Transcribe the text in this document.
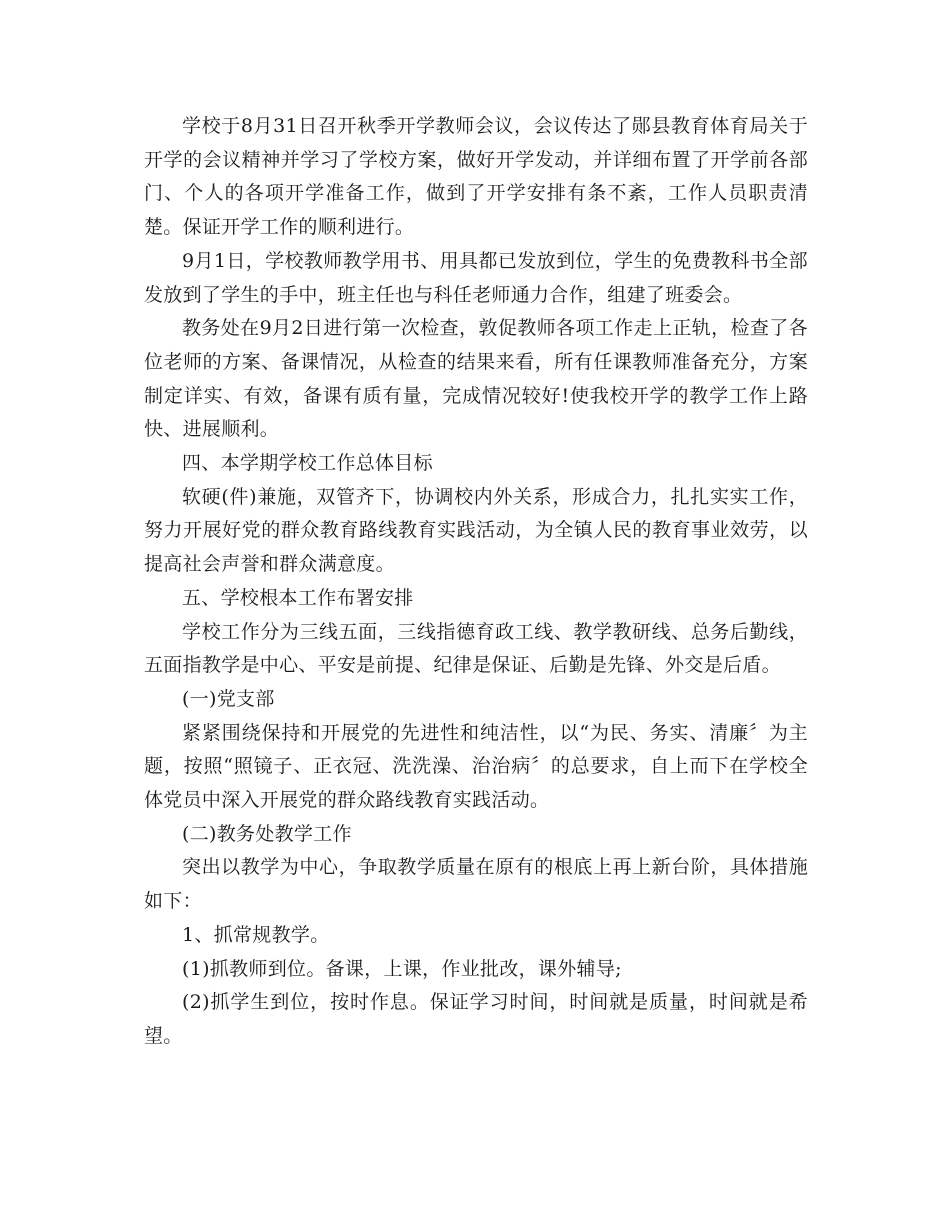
学校于8月31日召开秋季开学教师会议，会议传达了郧县教育体育局关于开学的会议精神并学习了学校方案，做好开学发动，并详细布置了开学前各部门、个人的各项开学准备工作，做到了开学安排有条不紊，工作人员职责清楚。保证开学工作的顺利进行。

9月1日，学校教师教学用书、用具都已发放到位，学生的免费教科书全部发放到了学生的手中，班主任也与科任老师通力合作，组建了班委会。

教务处在9月2日进行第一次检查，敦促教师各项工作走上正轨，检查了各位老师的方案、备课情况，从检查的结果来看，所有任课教师准备充分，方案制定详实、有效，备课有质有量，完成情况较好!使我校开学的教学工作上路快、进展顺利。

四、本学期学校工作总体目标

软硬(件)兼施，双管齐下，协调校内外关系，形成合力，扎扎实实工作，努力开展好党的群众教育路线教育实践活动，为全镇人民的教育事业效劳，以提高社会声誉和群众满意度。

五、学校根本工作布署安排

学校工作分为三线五面，三线指德育政工线、教学教研线、总务后勤线，五面指教学是中心、平安是前提、纪律是保证、后勤是先锋、外交是后盾。

(一)党支部

紧紧围绕保持和开展党的先进性和纯洁性，以“为民、务实、清廉〞为主题，按照“照镜子、正衣冠、洗洗澡、治治病〞的总要求，自上而下在学校全体党员中深入开展党的群众路线教育实践活动。

(二)教务处教学工作

突出以教学为中心，争取教学质量在原有的根底上再上新台阶，具体措施如下：

1、抓常规教学。

(1)抓教师到位。备课，上课，作业批改，课外辅导;

(2)抓学生到位，按时作息。保证学习时间，时间就是质量，时间就是希望。
